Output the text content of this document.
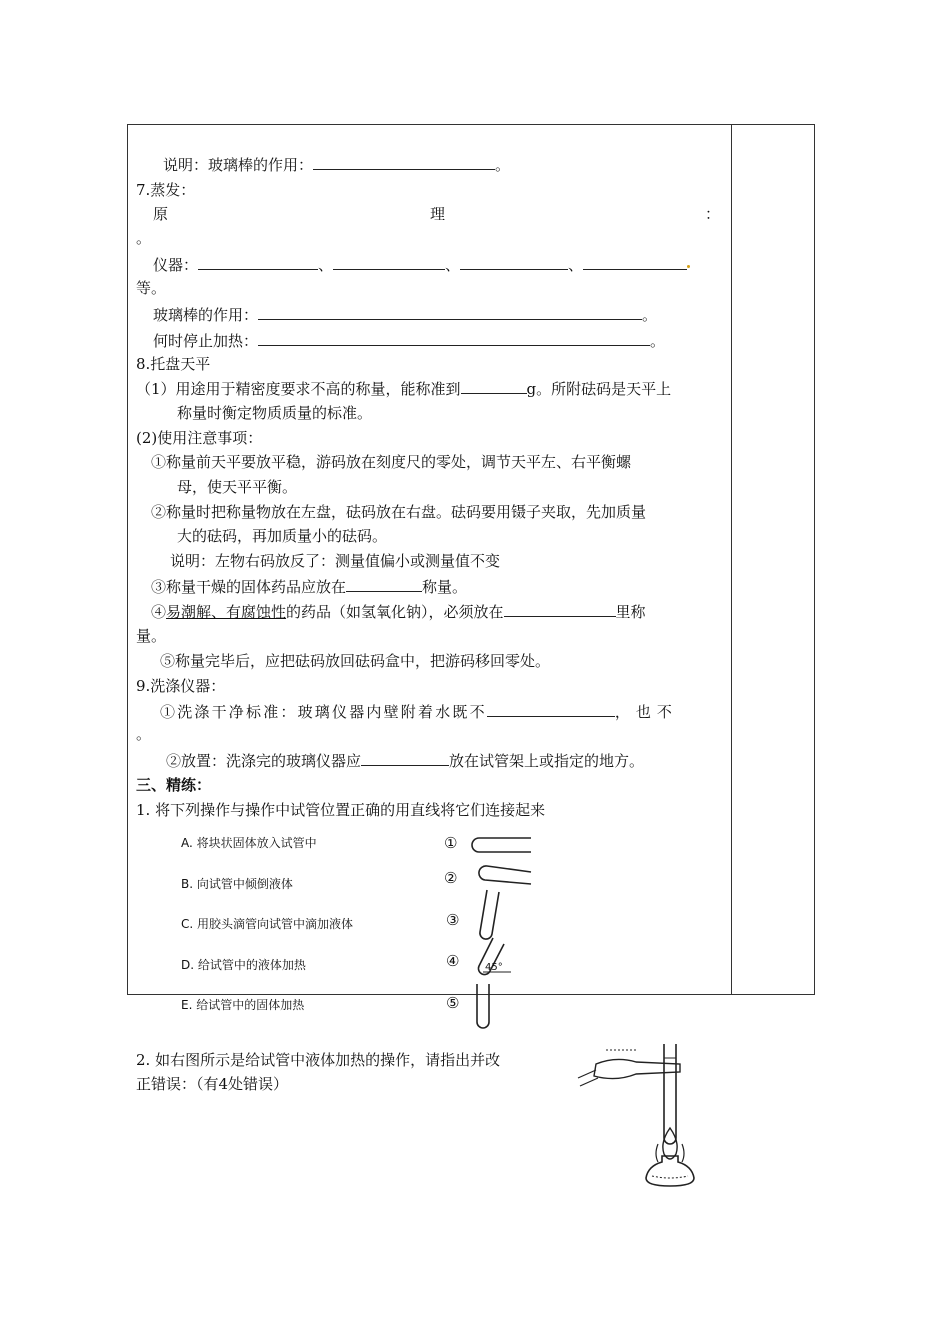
说明：玻璃棒的作用：	。
7.蒸发：
原	理	：
。
仪器：	、	、	、
等。
玻璃棒的作用：	。
何时停止加热：	。
8.托盘天平
（1）用途用于精密度要求不高的称量，能称准到	g。所附砝码是天平上
称量时衡定物质质量的标准。
(2)使用注意事项：
①称量前天平要放平稳，游码放在刻度尺的零处，调节天平左、右平衡螺
母，使天平平衡。
②称量时把称量物放在左盘，砝码放在右盘。砝码要用镊子夹取，先加质量
大的砝码，再加质量小的砝码。
说明：左物右码放反了：测量值偏小或测量值不变
③称量干燥的固体药品应放在	称量。
④易潮解、有腐蚀性的药品（如氢氧化钠），必须放在	里称
量。
⑤称量完毕后，应把砝码放回砝码盒中，把游码移回零处。
9.洗涤仪器：
①洗涤干净标准：玻璃仪器内壁附着水既不	，也不
。
②放置：洗涤完的玻璃仪器应	放在试管架上或指定的地方。
三、精练：
1. 将下列操作与操作中试管位置正确的用直线将它们连接起来
A. 将块状固体放入试管中
B. 向试管中倾倒液体
C. 用胶头滴管向试管中滴加液体
D. 给试管中的液体加热
E. 给试管中的固体加热
①
②
③
④
⑤
45°
2. 如右图所示是给试管中液体加热的操作，请指出并改
正错误：（有4处错误）
